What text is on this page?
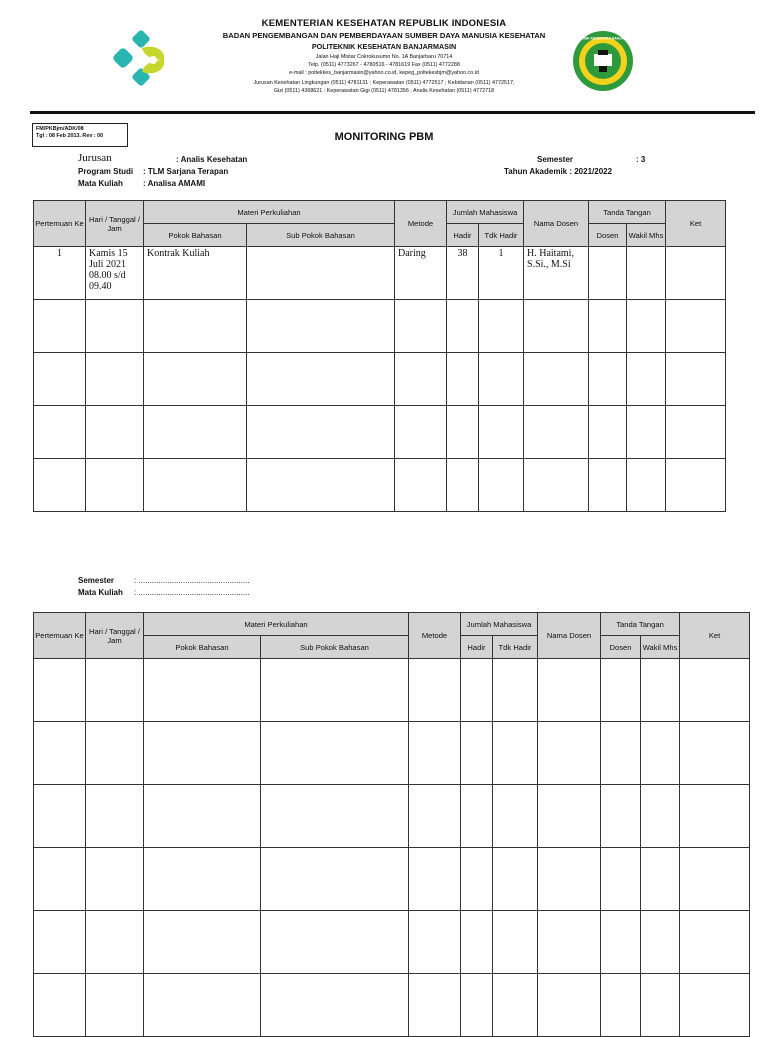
KEMENTERIAN KESEHATAN REPUBLIK INDONESIA
BADAN PENGEMBANGAN DAN PEMBERDAYAAN SUMBER DAYA MANUSIA KESEHATAN
POLITEKNIK KESEHATAN BANJARMASIN
Jalan Haji Mistar Cokrokusumo No. 1A Banjarbaru 70714
Telp. (0511) 4773267 - 4780516 - 4781619 Fax (0511) 4772288
e-mail : poltekkes_banjarmasin@yahoo.co.id, kepeg_poltekesbjm@yahoo.co.id
Jurusan Kesehatan Lingkungan (0511) 4781131 ; Keperawatan (0511) 4772517 ; Kebidanan (0511) 4772517;
Gizi (0511) 4368621 : Keperawatan Gigi (0511) 4781356 ; Analis Kesehatan (0511) 4772718
POLITEKNIK KESEHATAN BANJARMASIN
FM/PKBjm/ADK/08
Tgl : 08 Feb 2013. Rev : 00	MONITORING PBM
Jurusan	: Analis Kesehatan
Program Studi : TLM Sarjana Terapan
Mata Kuliah	: Analisa AMAMI
Semester	: 3
Tahun Akademik : 2021/2022
Pertemuan Ke	Hari / Tanggal / Jam	Materi Perkuliahan		Metode	Jumlah Mahasiswa		Nama Dosen	Tanda Tangan		Ket
		Pokok Bahasan	Sub Pokok Bahasan		Hadir	Tdk Hadir		Dosen	Wakil Mhs	
1	Kamis 15 Juli 2021 08.00 s/d 09.40	Kontrak Kuliah		Daring	38	1	H. Haitami, S.Si., M.Si			

Semester : ..................................................
Mata Kuliah : ..................................................
Pertemuan Ke	Hari / Tanggal / Jam	Materi Perkuliahan		Metode	Jumlah Mahasiswa		Nama Dosen	Tanda Tangan		Ket
		Pokok Bahasan	Sub Pokok Bahasan		Hadir	Tdk Hadir		Dosen	Wakil Mhs	
